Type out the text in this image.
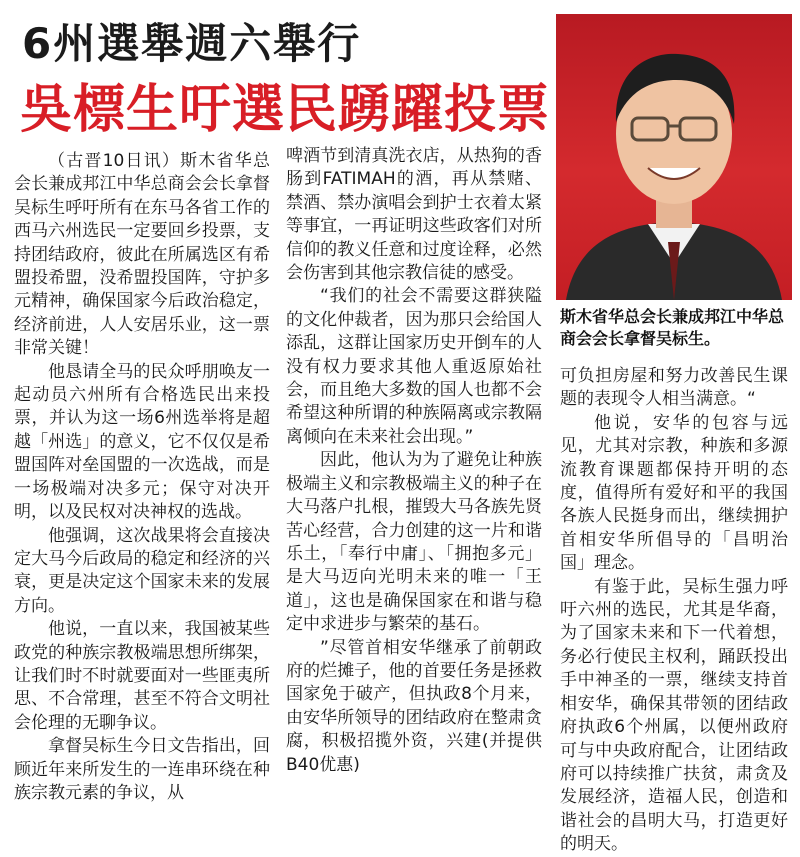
6州選舉週六舉行
吳標生吁選民踴躍投票

（古晋10日讯）斯木省华总会长兼成邦江中华总商会会长拿督吴标生呼吁所有在东马各省工作的西马六州选民一定要回乡投票，支持团结政府，彼此在所属选区有希盟投希盟，没希盟投国阵，守护多元精神，确保国家今后政治稳定，经济前进，人人安居乐业，这一票非常关键！

他恳请全马的民众呼朋唤友一起动员六州所有合格选民出来投票，并认为这一场6州选举将是超越「州选」的意义，它不仅仅是希盟国阵对垒国盟的一次选战，而是一场极端对决多元；保守对决开明，以及民权对决神权的选战。

他强调，这次战果将会直接决定大马今后政局的稳定和经济的兴衰，更是决定这个国家未来的发展方向。

他说，一直以来，我国被某些政党的种族宗教极端思想所绑架，让我们时不时就要面对一些匪夷所思、不合常理，甚至不符合文明社会伦理的无聊争议。

拿督吴标生今日文告指出，回顾近年来所发生的一连串环绕在种族宗教元素的争议，从

啤酒节到清真洗衣店，从热狗的香肠到FATIMAH的酒，再从禁赌、禁酒、禁办演唱会到护士衣着太紧等事宜，一再证明这些政客们对所信仰的教义任意和过度诠释，必然会伤害到其他宗教信徒的感受。

“我们的社会不需要这群狭隘的文化仲裁者，因为那只会给国人添乱，这群让国家历史开倒车的人没有权力要求其他人重返原始社会，而且绝大多数的国人也都不会希望这种所谓的种族隔离或宗教隔离倾向在未来社会出现。”

因此，他认为为了避免让种族极端主义和宗教极端主义的种子在大马落户扎根，摧毁大马各族先贤苦心经营，合力创建的这一片和谐乐土，「奉行中庸」、「拥抱多元」是大马迈向光明未来的唯一「王道」，这也是确保国家在和谐与稳定中求进步与繁荣的基石。

”尽管首相安华继承了前朝政府的烂摊子，他的首要任务是拯救国家免于破产，但执政8个月来，由安华所领导的团结政府在整肃贪腐，积极招揽外资，兴建(并提供B40优惠)

斯木省华总会长兼成邦江中华总商会会长拿督吴标生。

可负担房屋和努力改善民生课题的表现令人相当满意。“

他说，安华的包容与远见，尤其对宗教，种族和多源流教育课题都保持开明的态度，值得所有爱好和平的我国各族人民挺身而出，继续拥护首相安华所倡导的「昌明治国」理念。

有鉴于此，吴标生强力呼吁六州的选民，尤其是华裔，为了国家未来和下一代着想，务必行使民主权利，踊跃投出手中神圣的一票，继续支持首相安华，确保其带领的团结政府执政6个州属，以便州政府可与中央政府配合，让团结政府可以持续推广扶贫，肃贪及发展经济，造福人民，创造和谐社会的昌明大马，打造更好的明天。
